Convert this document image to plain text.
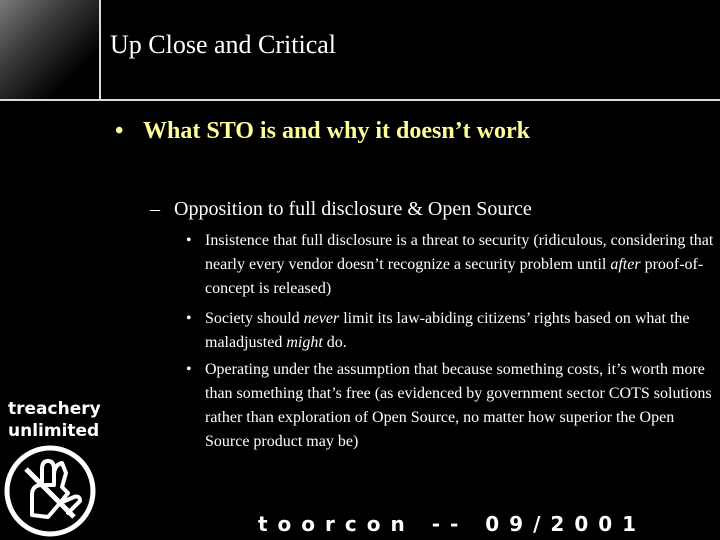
Up Close and Critical
• What STO is and why it doesn’t work
– Opposition to full disclosure & Open Source
• Insistence that full disclosure is a threat to security (ridiculous, considering that nearly every vendor doesn’t recognize a security problem until after proof-of-concept is released)
• Society should never limit its law-abiding citizens’ rights based on what the maladjusted might do.
• Operating under the assumption that because something costs, it’s worth more than something that’s free (as evidenced by government sector COTS solutions rather than exploration of Open Source, no matter how superior the Open Source product may be)
treachery
unlimited
toorcon -- 09/2001
